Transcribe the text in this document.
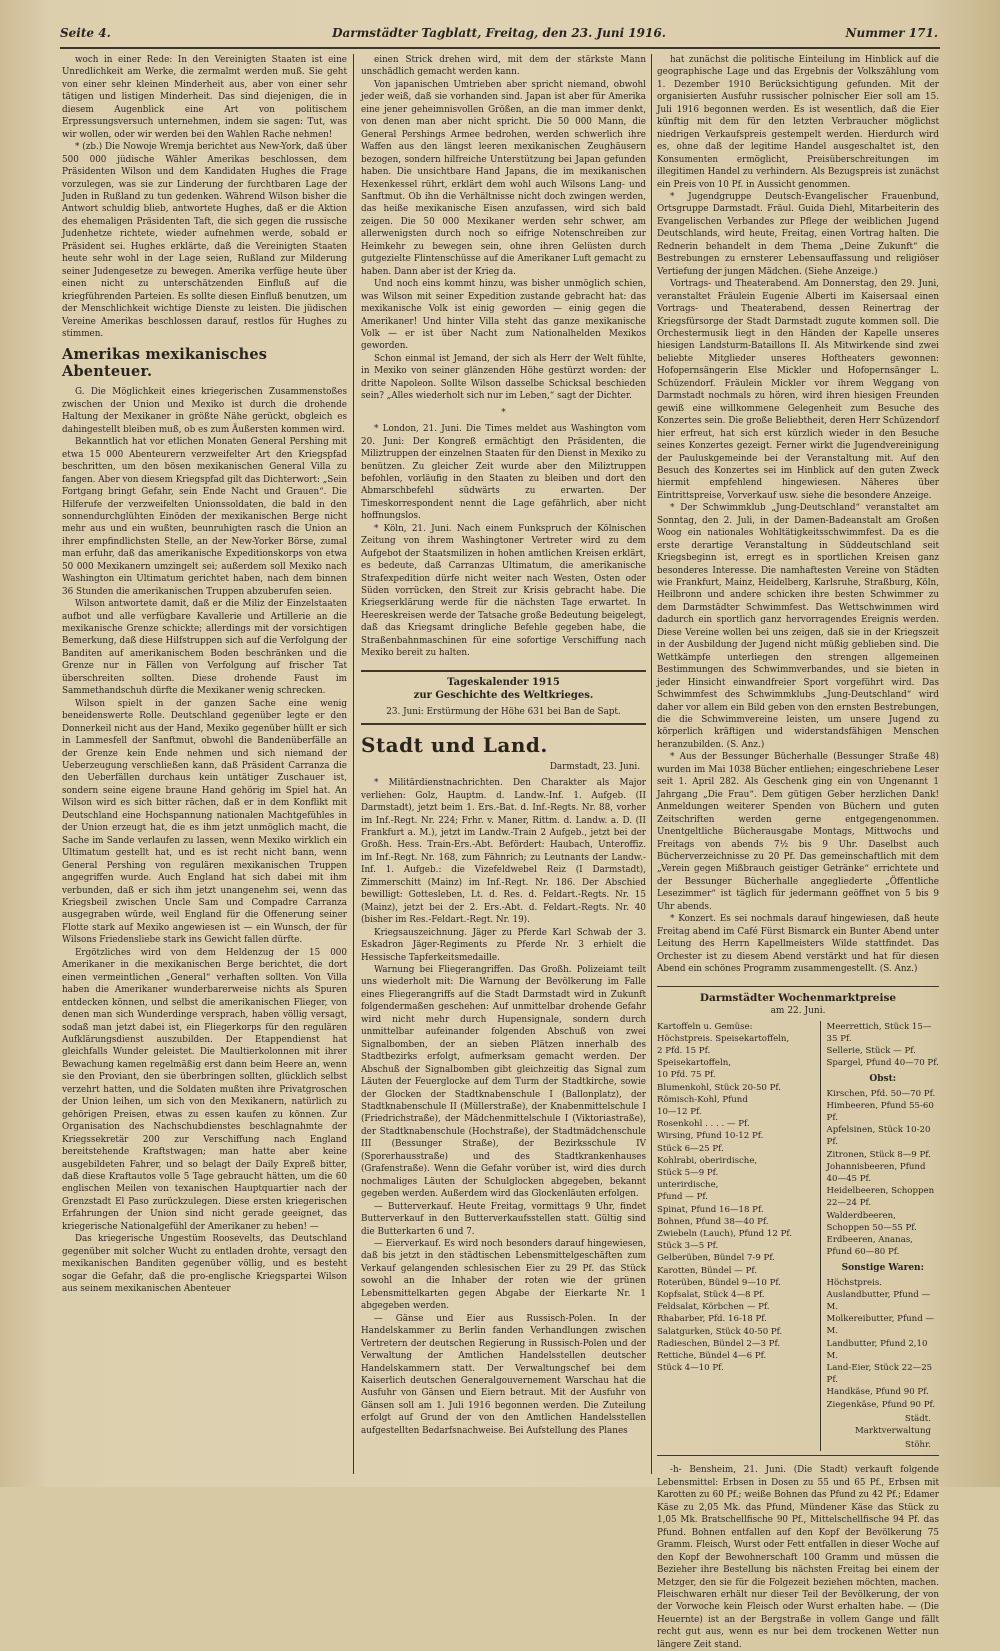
Seite 4.	Darmstädter Tagblatt, Freitag, den 23. Juni 1916.	Nummer 171.

woch in einer Rede: In den Vereinigten Staaten ist eine Unredlichkeit am Werke, die zermalmt werden muß. Sie geht von einer sehr kleinen Minderheit aus, aber von einer sehr tätigen und listigen Minderheit. Das sind diejenigen, die in diesem Augenblick eine Art von politischem Erpressungsversuch unternehmen, indem sie sagen: Tut, was wir wollen, oder wir werden bei den Wahlen Rache nehmen!

* (zb.) Die Nowoje Wremja berichtet aus New-York, daß über 500 000 jüdische Wähler Amerikas beschlossen, dem Präsidenten Wilson und dem Kandidaten Hughes die Frage vorzulegen, was sie zur Linderung der furchtbaren Lage der Juden in Rußland zu tun gedenken. Während Wilson bisher die Antwort schuldig blieb, antwortete Hughes, daß er die Aktion des ehemaligen Präsidenten Taft, die sich gegen die russische Judenhetze richtete, wieder aufnehmen werde, sobald er Präsident sei. Hughes erklärte, daß die Vereinigten Staaten heute sehr wohl in der Lage seien, Rußland zur Milderung seiner Judengesetze zu bewegen. Amerika verfüge heute über einen nicht zu unterschätzenden Einfluß auf die kriegführenden Parteien. Es sollte diesen Einfluß benutzen, um der Menschlichkeit wichtige Dienste zu leisten. Die jüdischen Vereine Amerikas beschlossen darauf, restlos für Hughes zu stimmen.

Amerikas mexikanisches Abenteuer.

G. Die Möglichkeit eines kriegerischen Zusammenstoßes zwischen der Union und Mexiko ist durch die drohende Haltung der Mexikaner in größte Nähe gerückt, obgleich es dahingestellt bleiben muß, ob es zum Äußersten kommen wird.

Bekanntlich hat vor etlichen Monaten General Pershing mit etwa 15 000 Abenteurern verzweifelter Art den Kriegspfad beschritten, um den bösen mexikanischen General Villa zu fangen. Aber von diesem Kriegspfad gilt das Dichterwort: „Sein Fortgang bringt Gefahr, sein Ende Nacht und Grauen“. Die Hilferufe der verzweifelten Unionssoldaten, die bald in den sonnendurchglühten Einöden der mexikanischen Berge nicht mehr aus und ein wußten, beunruhigten rasch die Union an ihrer empfindlichsten Stelle, an der New-Yorker Börse, zumal man erfuhr, daß das amerikanische Expeditionskorps von etwa 50 000 Mexikanern umzingelt sei; außerdem soll Mexiko nach Washington ein Ultimatum gerichtet haben, nach dem binnen 36 Stunden die amerikanischen Truppen abzuberufen seien.

Wilson antwortete damit, daß er die Miliz der Einzelstaaten aufbot und alle verfügbare Kavallerie und Artillerie an die mexikanische Grenze schickte; allerdings mit der vorsichtigen Bemerkung, daß diese Hilfstruppen sich auf die Verfolgung der Banditen auf amerikanischem Boden beschränken und die Grenze nur in Fällen von Verfolgung auf frischer Tat überschreiten sollten. Diese drohende Faust im Sammethandschuh dürfte die Mexikaner wenig schrecken.

Wilson spielt in der ganzen Sache eine wenig beneidenswerte Rolle. Deutschland gegenüber legte er den Donnerkeil nicht aus der Hand, Mexiko gegenüber hüllt er sich in Lammesfell der Sanftmut, obwohl die Bandenüberfälle an der Grenze kein Ende nehmen und sich niemand der Ueberzeugung verschließen kann, daß Präsident Carranza die den Ueberfällen durchaus kein untätiger Zuschauer ist, sondern seine eigene braune Hand gehörig im Spiel hat. An Wilson wird es sich bitter rächen, daß er in dem Konflikt mit Deutschland eine Hochspannung nationalen Machtgefühles in der Union erzeugt hat, die es ihm jetzt unmöglich macht, die Sache im Sande verlaufen zu lassen, wenn Mexiko wirklich ein Ultimatum gestellt hat, und es ist recht nicht bann, wenn General Pershing von regulären mexikanischen Truppen angegriffen wurde. Auch England hat sich dabei mit ihm verbunden, daß er sich ihm jetzt unangenehm sei, wenn das Kriegsbeil zwischen Uncle Sam und Compadre Carranza ausgegraben würde, weil England für die Offenerung seiner Flotte stark auf Mexiko angewiesen ist — ein Wunsch, der für Wilsons Friedensliebe stark ins Gewicht fallen dürfte.

Ergötzliches wird von dem Heldenzug der 15 000 Amerikaner in die mexikanischen Berge berichtet, die dort einen vermeintlichen „General“ verhaften sollten. Von Villa haben die Amerikaner wunderbarerweise nichts als Spuren entdecken können, und selbst die amerikanischen Flieger, von denen man sich Wunderdinge versprach, haben völlig versagt, sodaß man jetzt dabei ist, ein Fliegerkorps für den regulären Aufklärungsdienst auszubilden. Der Etappendienst hat gleichfalls Wunder geleistet. Die Maultierkolonnen mit ihrer Bewachung kamen regelmäßig erst dann beim Heere an, wenn sie den Proviant, den sie überbringen sollten, glücklich selbst verzehrt hatten, und die Soldaten mußten ihre Privatgroschen der Union leihen, um sich von den Mexikanern, natürlich zu gehörigen Preisen, etwas zu essen kaufen zu können. Zur Organisation des Nachschubdienstes beschlagnahmte der Kriegssekretär 200 zur Verschiffung nach England bereitstehende Kraftstwagen; man hatte aber keine ausgebildeten Fahrer, und so belagt der Daily Expreß bitter, daß diese Kraftautos volle 5 Tage gebraucht hätten, um die 60 englischen Meilen von texanischen Hauptquartier nach der Grenzstadt El Paso zurückzulegen. Diese ersten kriegerischen Erfahrungen der Union sind nicht gerade geeignet, das kriegerische Nationalgefühl der Amerikaner zu heben! —

Das kriegerische Ungestüm Roosevelts, das Deutschland gegenüber mit solcher Wucht zu entladen drohte, versagt den mexikanischen Banditen gegenüber völlig, und es besteht sogar die Gefahr, daß die pro-englische Kriegspartei Wilson aus seinem mexikanischen Abenteuer

einen Strick drehen wird, mit dem der stärkste Mann unschädlich gemacht werden kann.

Von japanischen Umtrieben aber spricht niemand, obwohl jeder weiß, daß sie vorhanden sind. Japan ist aber für Amerika eine jener geheimnisvollen Größen, an die man immer denkt, von denen man aber nicht spricht. Die 50 000 Mann, die General Pershings Armee bedrohen, werden schwerlich ihre Waffen aus den längst leeren mexikanischen Zeughäusern bezogen, sondern hilfreiche Unterstützung bei Japan gefunden haben. Die unsichtbare Hand Japans, die im mexikanischen Hexenkessel rührt, erklärt dem wohl auch Wilsons Lang- und Sanftmut. Ob ihn die Verhältnisse nicht doch zwingen werden, das heiße mexikanische Eisen anzufassen, wird sich bald zeigen. Die 50 000 Mexikaner werden sehr schwer, am allerwenigsten durch noch so eifrige Notenschreiben zur Heimkehr zu bewegen sein, ohne ihren Gelüsten durch gutgezielte Flintenschüsse auf die Amerikaner Luft gemacht zu haben. Dann aber ist der Krieg da.

Und noch eins kommt hinzu, was bisher unmöglich schien, was Wilson mit seiner Expedition zustande gebracht hat: das mexikanische Volk ist einig geworden — einig gegen die Amerikaner! Und hinter Villa steht das ganze mexikanische Volk — er ist über Nacht zum Nationalhelden Mexikos geworden.

Schon einmal ist Jemand, der sich als Herr der Welt fühlte, in Mexiko von seiner glänzenden Höhe gestürzt worden: der dritte Napoleon. Sollte Wilson dasselbe Schicksal beschieden sein? „Alles wiederholt sich nur im Leben,“ sagt der Dichter.

*

* London, 21. Juni. Die Times meldet aus Washington vom 20. Juni: Der Kongreß ermächtigt den Präsidenten, die Miliztruppen der einzelnen Staaten für den Dienst in Mexiko zu benützen. Zu gleicher Zeit wurde aber den Miliztruppen befohlen, vorläufig in den Staaten zu bleiben und dort den Abmarschbefehl südwärts zu erwarten. Der Timeskorrespondent nennt die Lage gefährlich, aber nicht hoffnungslos.

* Köln, 21. Juni. Nach einem Funkspruch der Kölnischen Zeitung von ihrem Washingtoner Vertreter wird zu dem Aufgebot der Staatsmilizen in hohen amtlichen Kreisen erklärt, es bedeute, daß Carranzas Ultimatum, die amerikanische Strafexpedition dürfe nicht weiter nach Westen, Osten oder Süden vorrücken, den Streit zur Krisis gebracht habe. Die Kriegserklärung werde für die nächsten Tage erwartet. In Heereskreisen werde der Tatsache große Bedeutung beigelegt, daß das Kriegsamt dringliche Befehle gegeben habe, die Straßenbahnmaschinen für eine sofortige Verschiffung nach Mexiko bereit zu halten.

Tageskalender 1915
zur Geschichte des Weltkrieges.
23. Juni: Erstürmung der Höhe 631 bei Ban de Sapt.
Stadt und Land.
Darmstadt, 23. Juni.

* Militärdienstnachrichten. Den Charakter als Major verliehen: Golz, Hauptm. d. Landw.-Inf. 1. Aufgeb. (II Darmstadt), jetzt beim 1. Ers.-Bat. d. Inf.-Regts. Nr. 88, vorher im Inf.-Regt. Nr. 224; Frhr. v. Maner, Rittm. d. Landw. a. D. (II Frankfurt a. M.), jetzt im Landw.-Train 2 Aufgeb., jetzt bei der Großh. Hess. Train-Ers.-Abt. Befördert: Haubach, Unteroffiz. im Inf.-Regt. Nr. 168, zum Fähnrich; zu Leutnants der Landw.-Inf. 1. Aufgeb.: die Vizefeldwebel Reiz (I Darmstadt), Zimmerschitt (Mainz) im Inf.-Regt. Nr. 186. Der Abschied bewilligt: Gottesleben, Lt. d. Res. d. Feldart.-Regts. Nr. 15 (Mainz), jetzt bei der 2. Ers.-Abt. d. Feldart.-Regts. Nr. 40 (bisher im Res.-Feldart.-Regt. Nr. 19).

Kriegsauszeichnung. Jäger zu Pferde Karl Schwab der 3. Eskadron Jäger-Regiments zu Pferde Nr. 3 erhielt die Hessische Tapferkeitsmedaille.

Warnung bei Fliegerangriffen. Das Großh. Polizeiamt teilt uns wiederholt mit: Die Warnung der Bevölkerung im Falle eines Fliegerangriffs auf die Stadt Darmstadt wird in Zukunft folgendermaßen geschehen: Auf unmittelbar drohende Gefahr wird nicht mehr durch Hupensignale, sondern durch unmittelbar aufeinander folgenden Abschuß von zwei Signalbomben, der an sieben Plätzen innerhalb des Stadtbezirks erfolgt, aufmerksam gemacht werden. Der Abschuß der Signalbomben gibt gleichzeitig das Signal zum Läuten der Feuerglocke auf dem Turm der Stadtkirche, sowie der Glocken der Stadtknabenschule I (Ballonplatz), der Stadtknabenschule II (Müllerstraße), der Knabenmittelschule I (Friedrichstraße), der Mädchenmittelschule I (Viktoriastraße), der Stadtknabenschule (Hochstraße), der Stadtmädchenschule III (Bessunger Straße), der Bezirksschule IV (Sporerhausstraße) und des Stadtkrankenhauses (Grafenstraße). Wenn die Gefahr vorüber ist, wird dies durch nochmaliges Läuten der Schulglocken abgegeben, bekannt gegeben werden. Außerdem wird das Glockenläuten erfolgen.

— Butterverkauf. Heute Freitag, vormittags 9 Uhr, findet Butterverkauf in den Butterverkaufsstellen statt. Gültig sind die Butterkarten 6 und 7.

— Eierverkauf. Es wird noch besonders darauf hingewiesen, daß bis jetzt in den städtischen Lebensmittelgeschäften zum Verkauf gelangenden schlesischen Eier zu 29 Pf. das Stück sowohl an die Inhaber der roten wie der grünen Lebensmittelkarten gegen Abgabe der Eierkarte Nr. 1 abgegeben werden.

— Gänse und Eier aus Russisch-Polen. In der Handelskammer zu Berlin fanden Verhandlungen zwischen Vertretern der deutschen Regierung in Russisch-Polen und der Verwaltung der Amtlichen Handelsstellen deutscher Handelskammern statt. Der Verwaltungschef bei dem Kaiserlich deutschen Generalgouvernement Warschau hat die Ausfuhr von Gänsen und Eiern betraut. Mit der Ausfuhr von Gänsen soll am 1. Juli 1916 begonnen werden. Die Zuteilung erfolgt auf Grund der von den Amtlichen Handelsstellen aufgestellten Bedarfsnachweise. Bei Aufstellung des Planes

hat zunächst die politische Einteilung im Hinblick auf die geographische Lage und das Ergebnis der Volkszählung vom 1. Dezember 1910 Berücksichtigung gefunden. Mit der organisierten Ausfuhr russischer polnischer Eier soll am 15. Juli 1916 begonnen werden. Es ist wesentlich, daß die Eier künftig mit dem für den letzten Verbraucher möglichst niedrigen Verkaufspreis gestempelt werden. Hierdurch wird es, ohne daß der legitime Handel ausgeschaltet ist, den Konsumenten ermöglicht, Preisüberschreitungen im illegitimen Handel zu verhindern. Als Bezugspreis ist zunächst ein Preis von 10 Pf. in Aussicht genommen.

* Jugendgruppe Deutsch-Evangelischer Frauenbund, Ortsgruppe Darmstadt. Fräul. Guida Diehl, Mitarbeiterin des Evangelischen Verbandes zur Pflege der weiblichen Jugend Deutschlands, wird heute, Freitag, einen Vortrag halten. Die Rednerin behandelt in dem Thema „Deine Zukunft“ die Bestrebungen zu ernsterer Lebensauffassung und religiöser Vertiefung der jungen Mädchen. (Siehe Anzeige.)

Vortrags- und Theaterabend. Am Donnerstag, den 29. Juni, veranstaltet Fräulein Eugenie Alberti im Kaisersaal einen Vortrags- und Theaterabend, dessen Reinertrag der Kriegsfürsorge der Stadt Darmstadt zugute kommen soll. Die Orchestermusik liegt in den Händen der Kapelle unseres hiesigen Landsturm-Bataillons II. Als Mitwirkende sind zwei beliebte Mitglieder unseres Hoftheaters gewonnen: Hofopernsängerin Else Mickler und Hofopernsänger L. Schüzendorf. Fräulein Mickler vor ihrem Weggang von Darmstadt nochmals zu hören, wird ihren hiesigen Freunden gewiß eine willkommene Gelegenheit zum Besuche des Konzertes sein. Die große Beliebtheit, deren Herr Schüzendorf hier erfreut, hat sich erst kürzlich wieder in den Besuche seines Konzertes gezeigt. Ferner wirkt die Jugendvereinigung der Pauluskgemeinde bei der Veranstaltung mit. Auf den Besuch des Konzertes sei im Hinblick auf den guten Zweck hiermit empfehlend hingewiesen. Näheres über Eintrittspreise, Vorverkauf usw. siehe die besondere Anzeige.

* Der Schwimmklub „Jung-Deutschland“ veranstaltet am Sonntag, den 2. Juli, in der Damen-Badeanstalt am Großen Woog ein nationales Wohltätigkeitsschwimmfest. Da es die erste derartige Veranstaltung in Süddeutschland seit Kriegsbeginn ist, erregt es in sportlichen Kreisen ganz besonderes Interesse. Die namhaftesten Vereine von Städten wie Frankfurt, Mainz, Heidelberg, Karlsruhe, Straßburg, Köln, Heilbronn und andere schicken ihre besten Schwimmer zu dem Darmstädter Schwimmfest. Das Wettschwimmen wird dadurch ein sportlich ganz hervorragendes Ereignis werden. Diese Vereine wollen bei uns zeigen, daß sie in der Kriegszeit in der Ausbildung der Jugend nicht müßig geblieben sind. Die Wettkämpfe unterliegen den strengen allgemeinen Bestimmungen des Schwimmverbandes, und sie bieten in jeder Hinsicht einwandfreier Sport vorgeführt wird. Das Schwimmfest des Schwimmklubs „Jung-Deutschland“ wird daher vor allem ein Bild geben von den ernsten Bestrebungen, die die Schwimmvereine leisten, um unsere Jugend zu körperlich kräftigen und widerstandsfähigen Menschen heranzubilden. (S. Anz.)

* Aus der Bessunger Bücherhalle (Bessunger Straße 48) wurden im Mai 1038 Bücher entliehen; eingeschriebene Leser seit 1. April 282. Als Geschenk ging ein von Ungenannt 1 Jahrgang „Die Frau“. Dem gütigen Geber herzlichen Dank! Anmeldungen weiterer Spenden von Büchern und guten Zeitschriften werden gerne entgegengenommen. Unentgeltliche Bücherausgabe Montags, Mittwochs und Freitags von abends 7½ bis 9 Uhr. Daselbst auch Bücherverzeichnisse zu 20 Pf. Das gemeinschaftlich mit dem „Verein gegen Mißbrauch geistiger Getränke“ errichtete und der Bessunger Bücherhalle angegliederte „Öffentliche Lesezimmer“ ist täglich für jedermann geöffnet von 5 bis 9 Uhr abends.

* Konzert. Es sei nochmals darauf hingewiesen, daß heute Freitag abend im Café Fürst Bismarck ein Bunter Abend unter Leitung des Herrn Kapellmeisters Wilde stattfindet. Das Orchester ist zu diesem Abend verstärkt und hat für diesen Abend ein schönes Programm zusammengestellt. (S. Anz.)

Darmstädter Wochenmarktpreise
am 22. Juni.

Kartoffeln u. Gemüse:

Höchstpreis. Speisekartoffeln,

2 Pfd. 15 Pf.

Speisekartoffeln,

10 Pfd. 75 Pf.

Blumenkohl, Stück 20-50 Pf.

Römisch-Kohl, Pfund

10—12 Pf.

Rosenkohl . . . . — Pf.

Wirsing, Pfund 10-12 Pf.

Stück 6—25 Pf.

Kohlrabi, oberirdische,

Stück 5—9 Pf.

unterirdische,

Pfund — Pf.

Spinat, Pfund 16—18 Pf.

Bohnen, Pfund 38—40 Pf.

Zwiebeln (Lauch), Pfund 12 Pf.

Stück 3—5 Pf.

Gelberüben, Bündel 7-9 Pf.

Karotten, Bündel — Pf.

Roterüben, Bündel 9—10 Pf.

Kopfsalat, Stück 4—8 Pf.

Feldsalat, Körbchen — Pf.

Rhabarber, Pfd. 16-18 Pf.

Salatgurken, Stück 40-50 Pf.

Radieschen, Bündel 2—3 Pf.

Rettiche, Bündel 4—6 Pf.

Stück 4—10 Pf.

Meerrettich, Stück 15—35 Pf.

Sellerie, Stück — Pf.

Spargel, Pfund 40—70 Pf.

Obst:

Kirschen, Pfd. 50—70 Pf.

Himbeeren, Pfund 55-60 Pf.

Apfelsinen, Stück 10-20 Pf.

Zitronen, Stück 8—9 Pf.

Johannisbeeren, Pfund 40—45 Pf.

Heidelbeeren, Schoppen 22—24 Pf.

Walderdbeeren, Schoppen 50—55 Pf.

Erdbeeren, Ananas, Pfund 60—80 Pf.

Sonstige Waren:

Höchstpreis. Auslandbutter, Pfund — M.

Molkereibutter, Pfund — M.

Landbutter, Pfund 2,10 M.

Land-Eier, Stück 22—25 Pf.

Handkäse, Pfund 90 Pf.

Ziegenkäse, Pfund 90 Pf.

Städt. Marktverwaltung
Stöhr.

-h- Bensheim, 21. Juni. (Die Stadt) verkauft folgende Lebensmittel: Erbsen in Dosen zu 55 und 65 Pf., Erbsen mit Karotten zu 60 Pf.; weiße Bohnen das Pfund zu 42 Pf.; Edamer Käse zu 2,05 Mk. das Pfund, Mündener Käse das Stück zu 1,05 Mk. Bratschellfische 90 Pf., Mittelschellfische 94 Pf. das Pfund. Bohnen entfallen auf den Kopf der Bevölkerung 75 Gramm. Fleisch, Wurst oder Fett entfallen in dieser Woche auf den Kopf der Bewohnerschaft 100 Gramm und müssen die Bezieher ihre Bestellung bis nächsten Freitag bei einem der Metzger, den sie für die Folgezeit beziehen möchten, machen. Fleischwaren erhält nur dieser Teil der Bevölkerung, der von der Vorwoche kein Fleisch oder Wurst erhalten habe. — (Die Heuernte) ist an der Bergstraße in vollem Gange und fällt recht gut aus, wenn es nur bei dem trockenen Wetter nun längere Zeit stand.
